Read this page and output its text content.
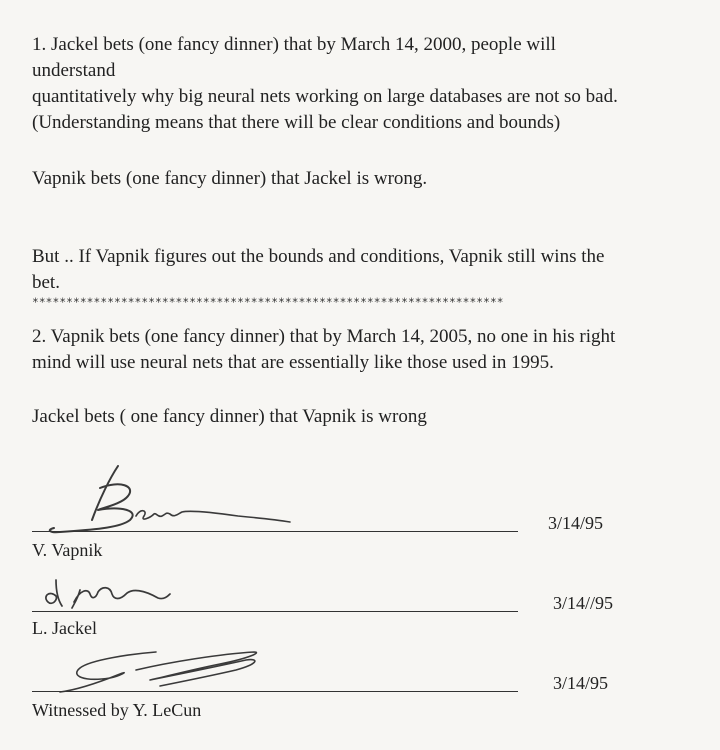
1. Jackel bets (one fancy dinner) that by March 14, 2000, people will

understand

quantitatively why big neural nets working on large databases are not so bad.

(Understanding means that there will be clear conditions and bounds)

Vapnik bets (one fancy dinner) that Jackel is wrong.

But .. If Vapnik figures out the bounds and conditions, Vapnik still wins the

bet.

*********************************************************************

2. Vapnik bets (one fancy dinner) that by March 14, 2005, no one in his right

mind will use neural nets that are essentially like those used in 1995.

Jackel bets ( one fancy dinner) that Vapnik is wrong

3/14/95
V. Vapnik
3/14//95
L. Jackel
3/14/95
Witnessed by Y. LeCun
